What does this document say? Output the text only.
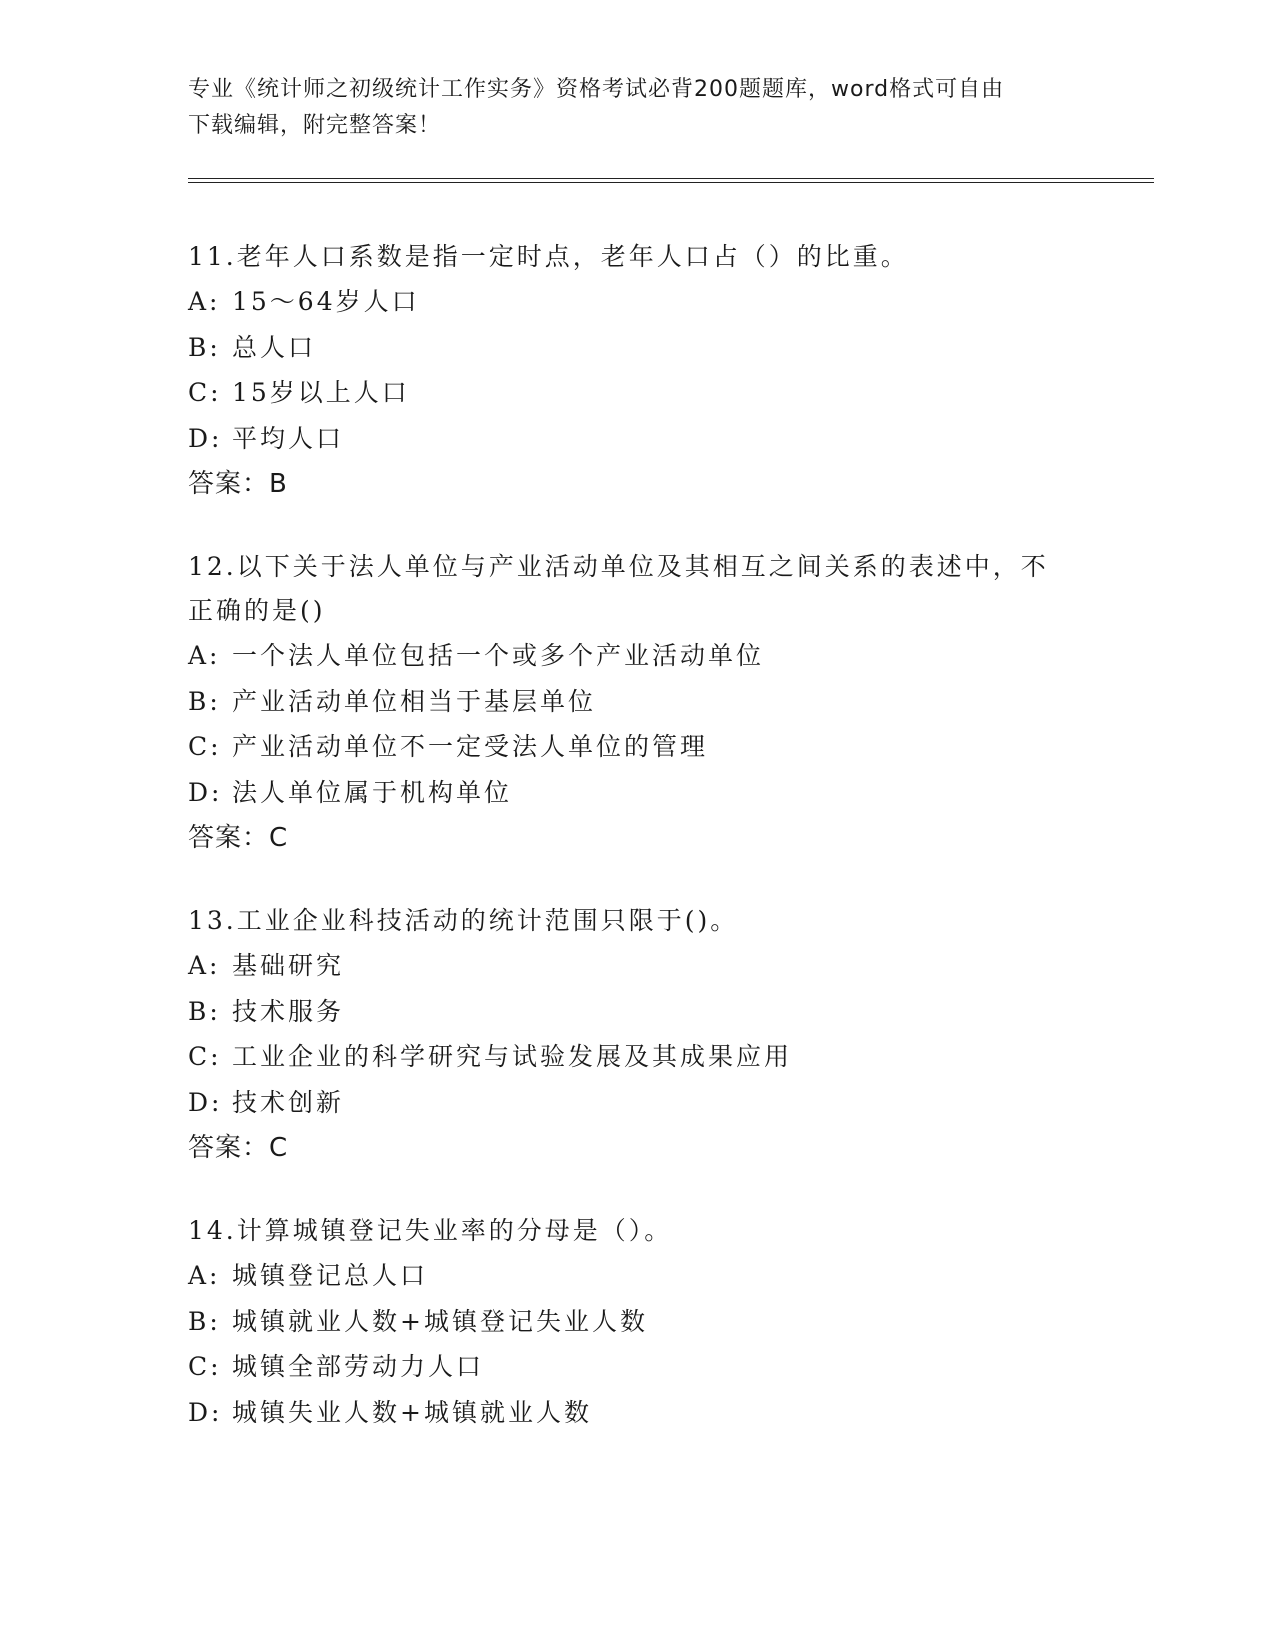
专业《统计师之初级统计工作实务》资格考试必背200题题库，word格式可自由
下载编辑，附完整答案！
11.老年人口系数是指一定时点，老年人口占（）的比重。
A: 15～64岁人口
B: 总人口
C: 15岁以上人口
D: 平均人口
答案：B
12.以下关于法人单位与产业活动单位及其相互之间关系的表述中，不
正确的是()
A: 一个法人单位包括一个或多个产业活动单位
B: 产业活动单位相当于基层单位
C: 产业活动单位不一定受法人单位的管理
D: 法人单位属于机构单位
答案：C
13.工业企业科技活动的统计范围只限于()。
A: 基础研究
B: 技术服务
C: 工业企业的科学研究与试验发展及其成果应用
D: 技术创新
答案：C
14.计算城镇登记失业率的分母是（）。
A: 城镇登记总人口
B: 城镇就业人数+城镇登记失业人数
C: 城镇全部劳动力人口
D: 城镇失业人数+城镇就业人数
